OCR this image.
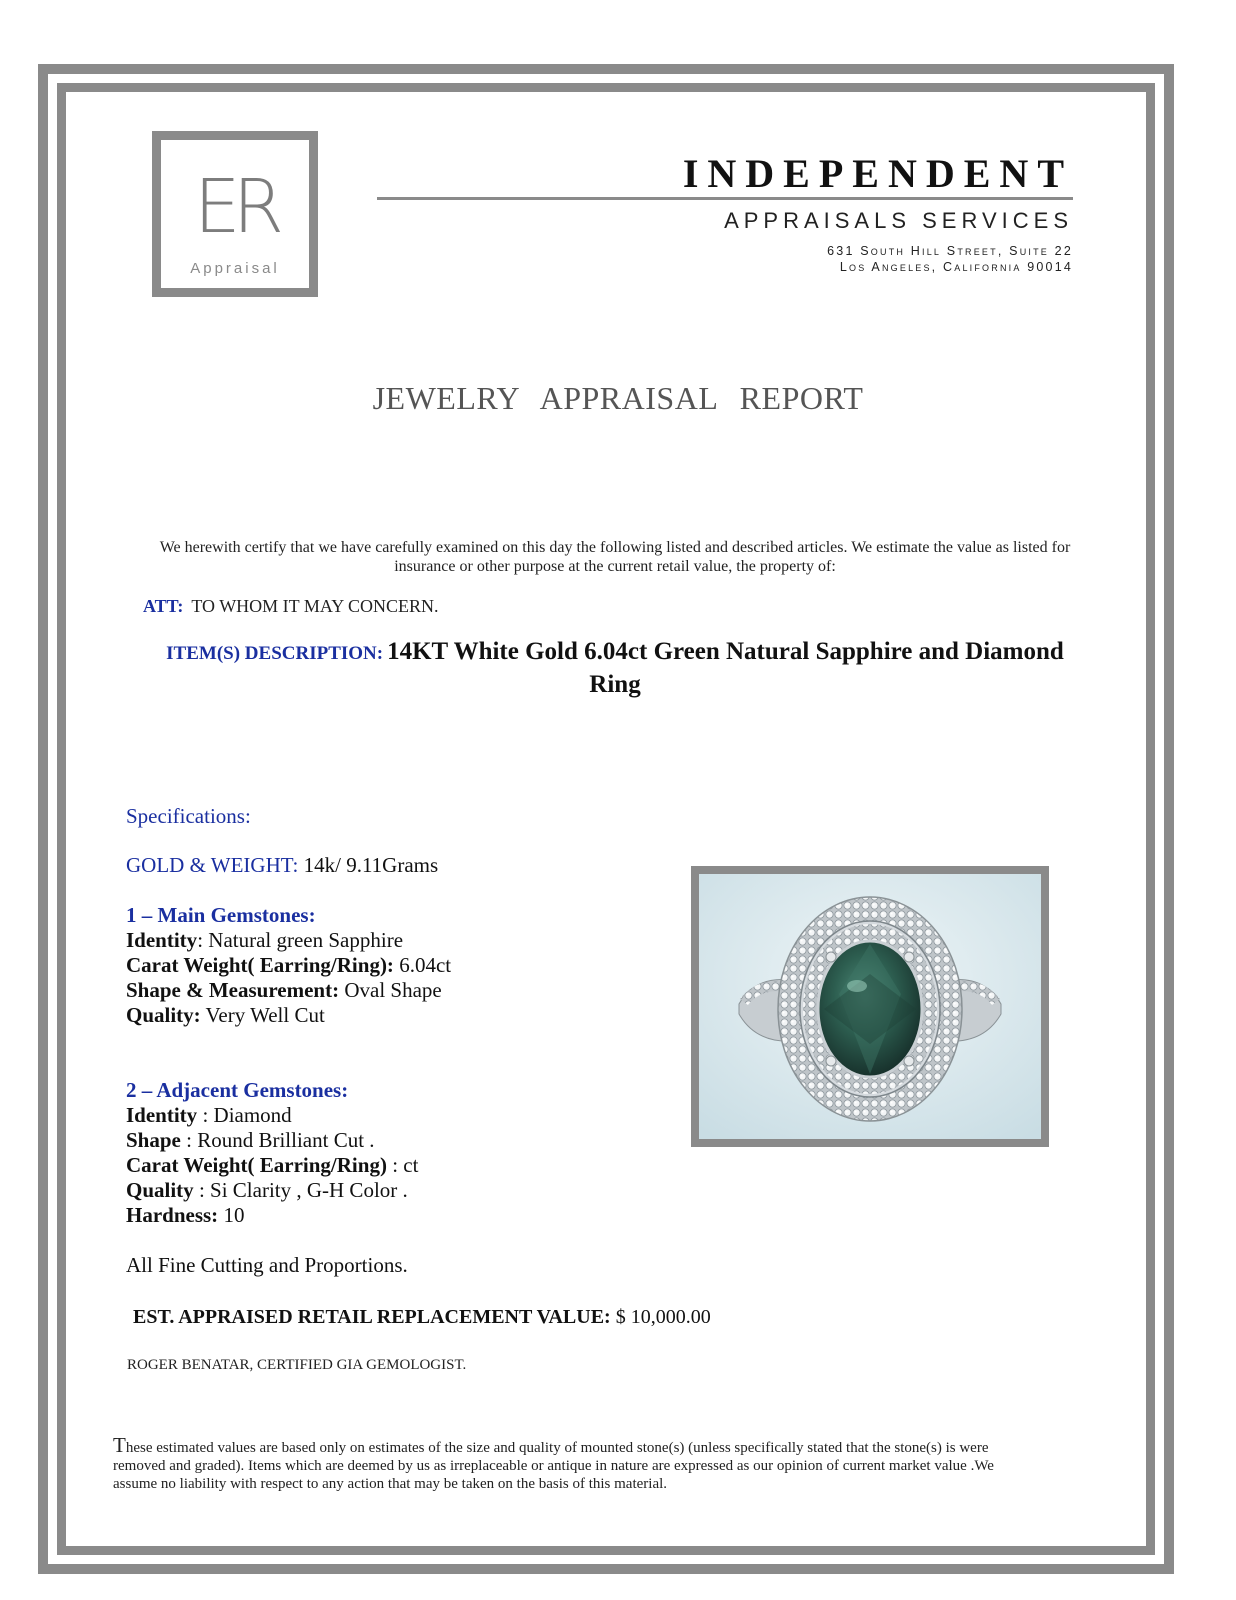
ER
Appraisal
INDEPENDENT
APPRAISALS SERVICES
631 South Hill Street, Suite 22
Los Angeles, California 90014
JEWELRY APPRAISAL REPORT
We herewith certify that we have carefully examined on this day the following listed and described articles. We estimate the value as listed for insurance or other purpose at the current retail value, the property of:
ATT: TO WHOM IT MAY CONCERN.
ITEM(S) DESCRIPTION: 14KT White Gold 6.04ct Green Natural Sapphire and Diamond Ring
Specifications:
GOLD & WEIGHT: 14k/ 9.11Grams
1 – Main Gemstones:
Identity: Natural green Sapphire
Carat Weight( Earring/Ring): 6.04ct
Shape & Measurement: Oval Shape
Quality: Very Well Cut
2 – Adjacent Gemstones:
Identity : Diamond
Shape : Round Brilliant Cut .
Carat Weight( Earring/Ring) : ct
Quality : Si Clarity , G-H Color .
Hardness: 10
All Fine Cutting and Proportions.
EST. APPRAISED RETAIL REPLACEMENT VALUE: $ 10,000.00
ROGER BENATAR, CERTIFIED GIA GEMOLOGIST.
These estimated values are based only on estimates of the size and quality of mounted stone(s) (unless specifically stated that the stone(s) is were removed and graded). Items which are deemed by us as irreplaceable or antique in nature are expressed as our opinion of current market value .We assume no liability with respect to any action that may be taken on the basis of this material.
